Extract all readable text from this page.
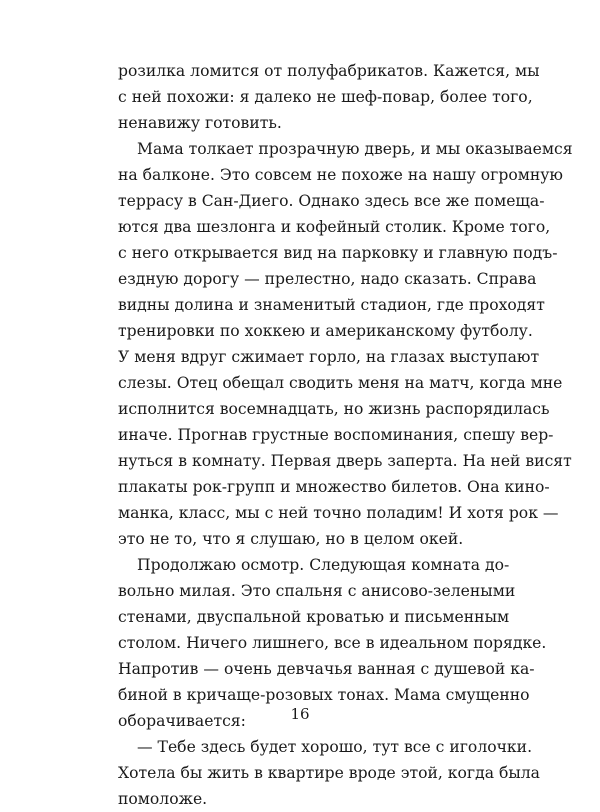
розилка ломится от полуфабрикатов. Кажется, мы
с ней похожи: я далеко не шеф-повар, более того,
ненавижу готовить.
Мама толкает прозрачную дверь, и мы оказываемся
на балконе. Это совсем не похоже на нашу огромную
террасу в Сан-Диего. Однако здесь все же помеща-
ются два шезлонга и кофейный столик. Кроме того,
с него открывается вид на парковку и главную подъ-
ездную дорогу — прелестно, надо сказать. Справа
видны долина и знаменитый стадион, где проходят
тренировки по хоккею и американскому футболу.
У меня вдруг сжимает горло, на глазах выступают
слезы. Отец обещал сводить меня на матч, когда мне
исполнится восемнадцать, но жизнь распорядилась
иначе. Прогнав грустные воспоминания, спешу вер-
нуться в комнату. Первая дверь заперта. На ней висят
плакаты рок-групп и множество билетов. Она кино-
манка, класс, мы с ней точно поладим! И хотя рок —
это не то, что я слушаю, но в целом окей.
Продолжаю осмотр. Следующая комната до-
вольно милая. Это спальня с анисово-зелеными
стенами, двуспальной кроватью и письменным
столом. Ничего лишнего, все в идеальном порядке.
Напротив — очень девчачья ванная с душевой ка-
биной в кричаще-розовых тонах. Мама смущенно
оборачивается:
— Тебе здесь будет хорошо, тут все с иголочки.
Хотела бы жить в квартире вроде этой, когда была
помоложе.
16
